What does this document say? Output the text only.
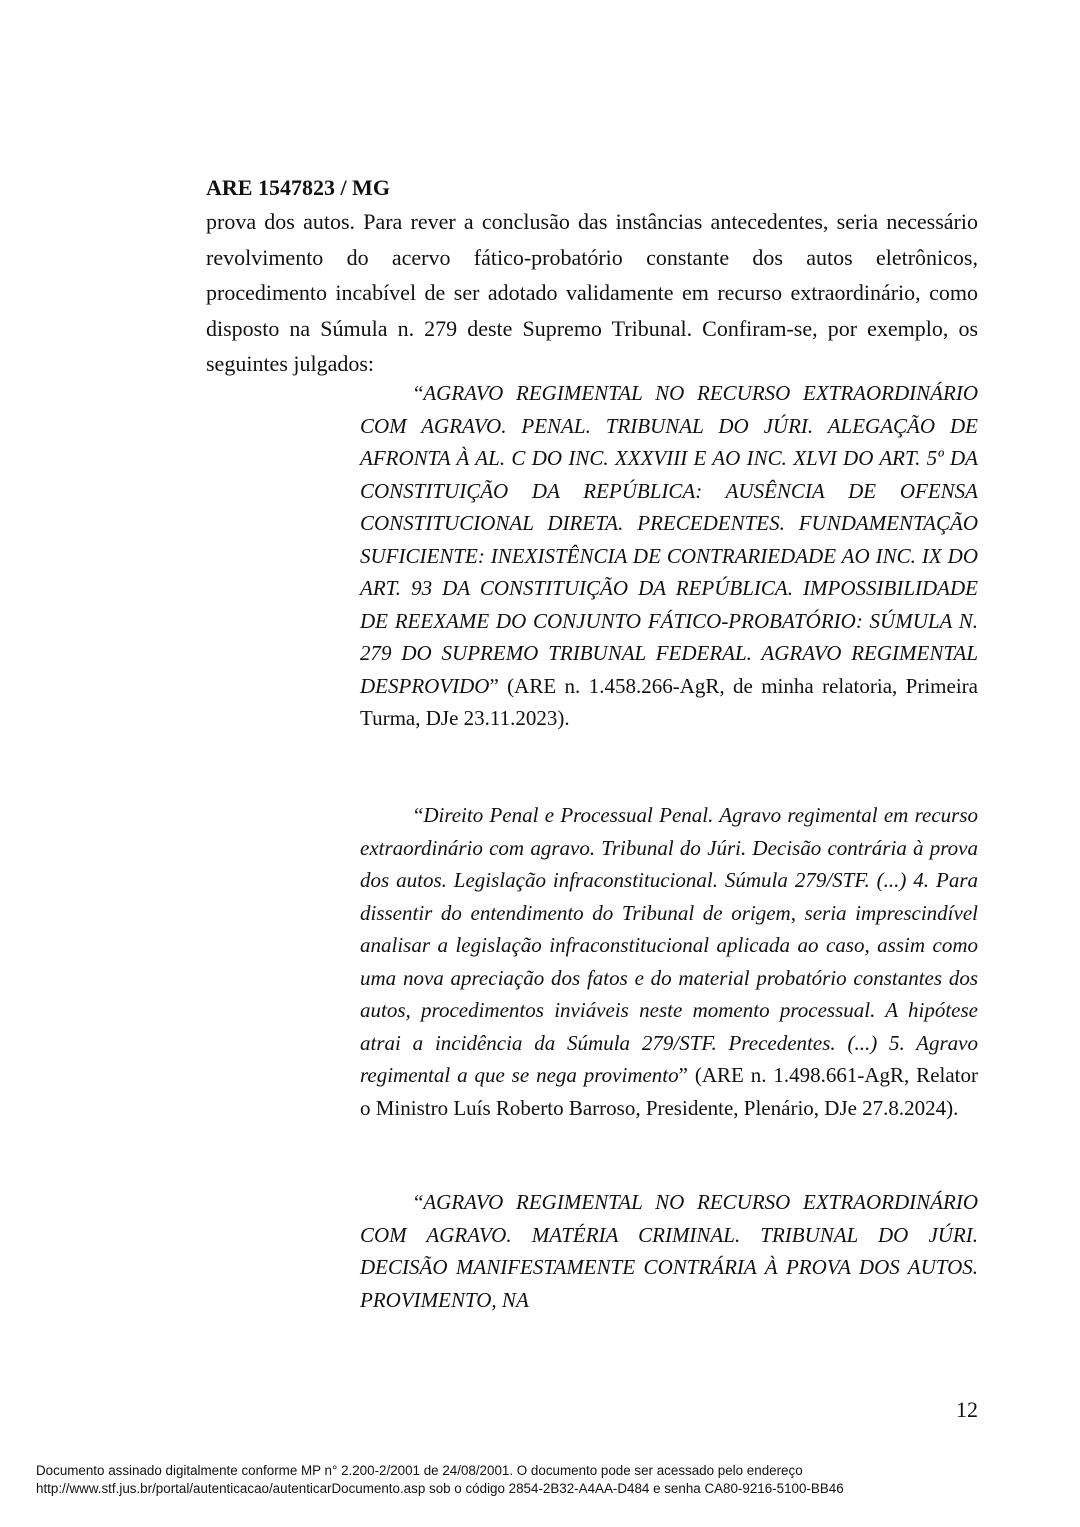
ARE 1547823 / MG

prova dos autos. Para rever a conclusão das instâncias antecedentes, seria necessário revolvimento do acervo fático-probatório constante dos autos eletrônicos, procedimento incabível de ser adotado validamente em recurso extraordinário, como disposto na Súmula n. 279 deste Supremo Tribunal. Confiram-se, por exemplo, os seguintes julgados:

“AGRAVO REGIMENTAL NO RECURSO EXTRAORDINÁRIO COM AGRAVO. PENAL. TRIBUNAL DO JÚRI. ALEGAÇÃO DE AFRONTA À AL. C DO INC. XXXVIII E AO INC. XLVI DO ART. 5º DA CONSTITUIÇÃO DA REPÚBLICA: AUSÊNCIA DE OFENSA CONSTITUCIONAL DIRETA. PRECEDENTES. FUNDAMENTAÇÃO SUFICIENTE: INEXISTÊNCIA DE CONTRARIEDADE AO INC. IX DO ART. 93 DA CONSTITUIÇÃO DA REPÚBLICA. IMPOSSIBILIDADE DE REEXAME DO CONJUNTO FÁTICO-PROBATÓRIO: SÚMULA N. 279 DO SUPREMO TRIBUNAL FEDERAL. AGRAVO REGIMENTAL DESPROVIDO” (ARE n. 1.458.266-AgR, de minha relatoria, Primeira Turma, DJe 23.11.2023).

“Direito Penal e Processual Penal. Agravo regimental em recurso extraordinário com agravo. Tribunal do Júri. Decisão contrária à prova dos autos. Legislação infraconstitucional. Súmula 279/STF. (...) 4. Para dissentir do entendimento do Tribunal de origem, seria imprescindível analisar a legislação infraconstitucional aplicada ao caso, assim como uma nova apreciação dos fatos e do material probatório constantes dos autos, procedimentos inviáveis neste momento processual. A hipótese atrai a incidência da Súmula 279/STF. Precedentes. (...) 5. Agravo regimental a que se nega provimento” (ARE n. 1.498.661-AgR, Relator o Ministro Luís Roberto Barroso, Presidente, Plenário, DJe 27.8.2024).

“AGRAVO REGIMENTAL NO RECURSO EXTRAORDINÁRIO COM AGRAVO. MATÉRIA CRIMINAL. TRIBUNAL DO JÚRI. DECISÃO MANIFESTAMENTE CONTRÁRIA À PROVA DOS AUTOS. PROVIMENTO, NA

12
Documento assinado digitalmente conforme MP n° 2.200-2/2001 de 24/08/2001. O documento pode ser acessado pelo endereço
http://www.stf.jus.br/portal/autenticacao/autenticarDocumento.asp sob o código 2854-2B32-A4AA-D484 e senha CA80-9216-5100-BB46
